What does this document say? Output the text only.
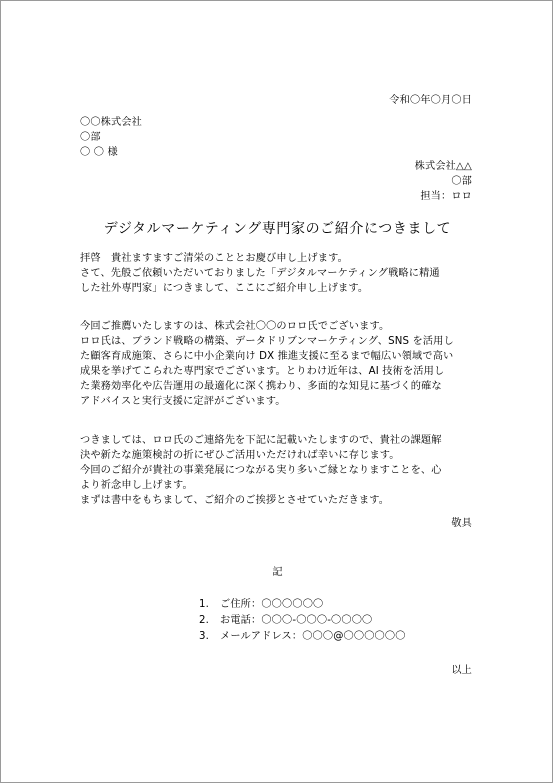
令和〇年〇月〇日
〇〇株式会社
〇部
〇 〇 様
株式会社△△
〇部
担当：ロロ
デジタルマーケティング専門家のご紹介につきまして
拝啓　貴社ますますご清栄のこととお慶び申し上げます。
さて、先般ご依頼いただいておりました「デジタルマーケティング戦略に精通
した社外専門家」につきまして、ここにご紹介申し上げます。
今回ご推薦いたしますのは、株式会社〇〇のロロ氏でございます。
ロロ氏は、ブランド戦略の構築、データドリブンマーケティング、SNS を活用し
た顧客育成施策、さらに中小企業向け DX 推進支援に至るまで幅広い領域で高い
成果を挙げてこられた専門家でございます。とりわけ近年は、AI 技術を活用し
た業務効率化や広告運用の最適化に深く携わり、多面的な知見に基づく的確な
アドバイスと実行支援に定評がございます。
つきましては、ロロ氏のご連絡先を下記に記載いたしますので、貴社の課題解
決や新たな施策検討の折にぜひご活用いただければ幸いに存じます。
今回のご紹介が貴社の事業発展につながる実り多いご縁となりますことを、心
より祈念申し上げます。
まずは書中をもちまして、ご紹介のご挨拶とさせていただきます。
敬具
記
1. ご住所：〇〇〇〇〇〇
2. お電話：〇〇〇-〇〇〇-〇〇〇〇
3. メールアドレス：〇〇〇@〇〇〇〇〇〇
以上
